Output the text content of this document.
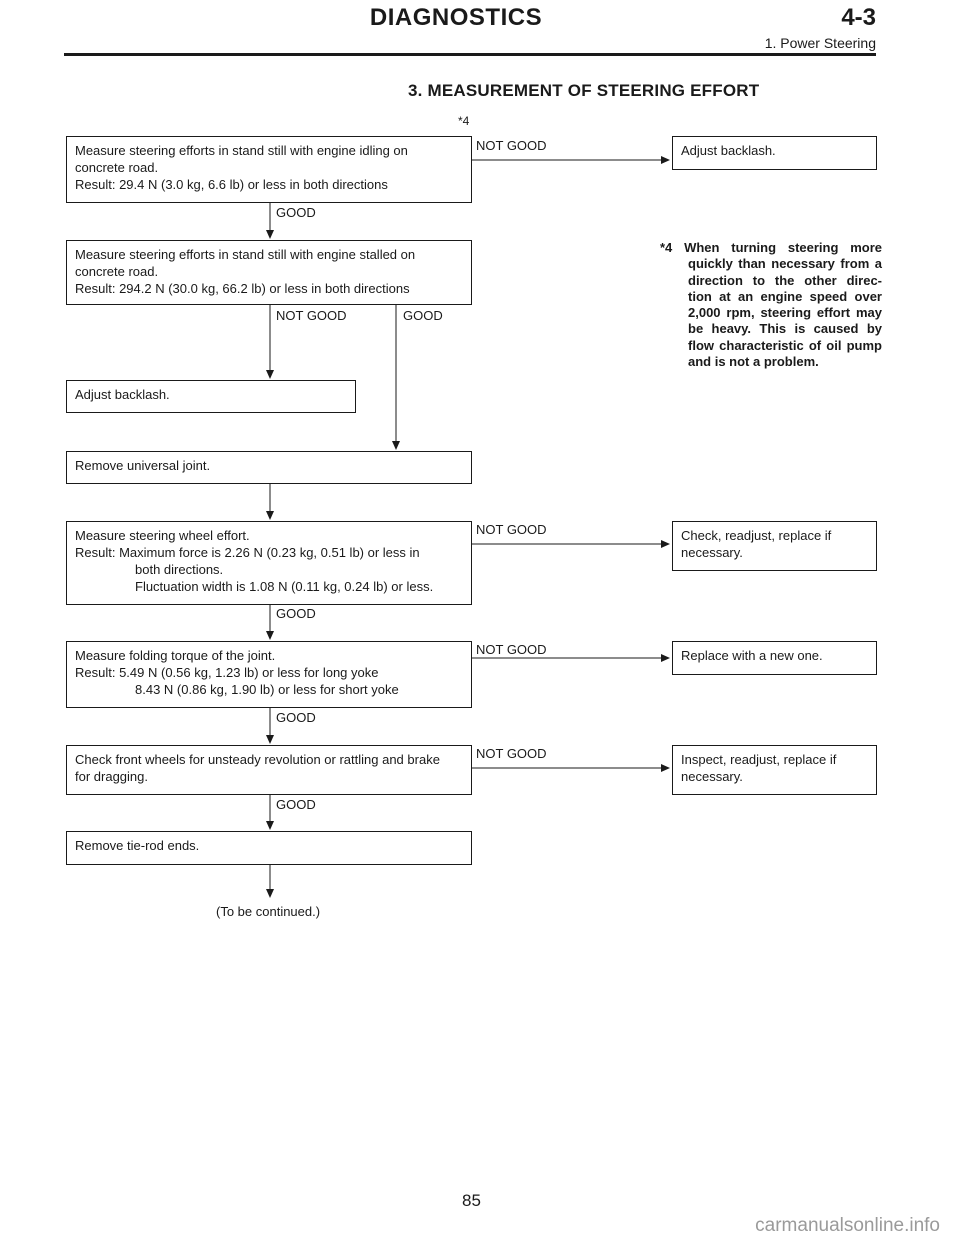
DIAGNOSTICS	4-3
1. Power Steering
3. MEASUREMENT OF STEERING EFFORT
*4
Measure steering efforts in stand still with engine idling on
concrete road.
Result: 29.4 N (3.0 kg, 6.6 lb) or less in both directions
NOT GOOD	Adjust backlash.
GOOD
Measure steering efforts in stand still with engine stalled on
concrete road.
Result: 294.2 N (30.0 kg, 66.2 lb) or less in both directions
NOT GOOD	GOOD
*4 When turning steering more quickly than necessary from a direction to the other direc- tion at an engine speed over 2,000 rpm, steering effort may be heavy. This is caused by flow characteristic of oil pump and is not a problem.
Adjust backlash.
Remove universal joint.
Measure steering wheel effort.
Result: Maximum force is 2.26 N (0.23 kg, 0.51 lb) or less in
both directions.
Fluctuation width is 1.08 N (0.11 kg, 0.24 lb) or less.
NOT GOOD	Check, readjust, replace if
necessary.
GOOD
Measure folding torque of the joint.
Result: 5.49 N (0.56 kg, 1.23 lb) or less for long yoke
8.43 N (0.86 kg, 1.90 lb) or less for short yoke
NOT GOOD	Replace with a new one.
GOOD
Check front wheels for unsteady revolution or rattling and brake
for dragging.
NOT GOOD	Inspect, readjust, replace if
necessary.
GOOD
Remove tie-rod ends.
(To be continued.)
85
carmanualsonline.info
